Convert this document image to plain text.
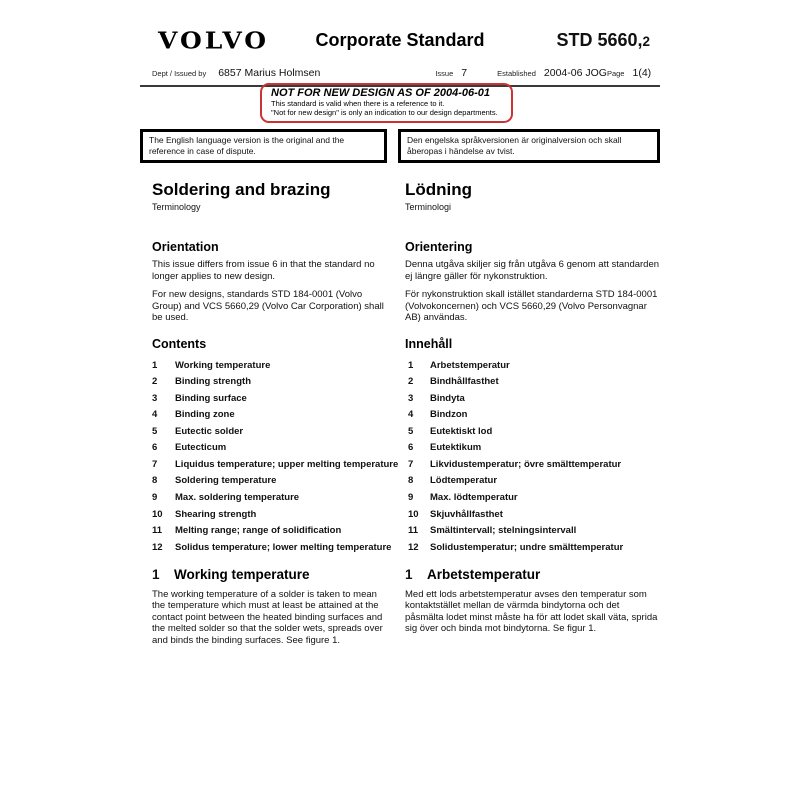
VOLVO	Corporate Standard	STD 5660,2
Dept / Issued by 6857 Marius Holmsen	Issue 7	Established 2004-06 JOG Page 1(4)
NOT FOR NEW DESIGN AS OF 2004-06-01
This standard is valid when there is a reference to it.
"Not for new design" is only an indication to our design departments.
The English language version is the original and the reference in case of dispute.
Den engelska språkversionen är originalversion och skall åberopas i händelse av tvist.
Soldering and brazing
Terminology
Lödning
Terminologi
Orientation

This issue differs from issue 6 in that the standard no longer applies to new design.

For new designs, standards STD 184-0001 (Volvo Group) and VCS 5660,29 (Volvo Car Corporation) shall be used.

Orientering

Denna utgåva skiljer sig från utgåva 6 genom att standarden ej längre gäller för nykonstruktion.

För nykonstruktion skall istället standarderna STD 184-0001 (Volvokoncernen) och VCS 5660,29 (Volvo Personvagnar AB) användas.

Contents	Innehåll
1	Working temperature	1	Arbetstemperatur
2	Binding strength	2	Bindhållfasthet
3	Binding surface	3	Bindyta
4	Binding zone	4	Bindzon
5	Eutectic solder	5	Eutektiskt lod
6	Eutecticum	6	Eutektikum
7	Liquidus temperature; upper melting temperature	7	Likvidustemperatur; övre smälttemperatur
8	Soldering temperature	8	Lödtemperatur
9	Max. soldering temperature	9	Max. lödtemperatur
10	Shearing strength	10	Skjuvhållfasthet
11	Melting range; range of solidification	11	Smältintervall; stelningsintervall
12	Solidus temperature; lower melting temperature	12	Solidustemperatur; undre smälttemperatur
1 Working temperature

The working temperature of a solder is taken to mean the temperature which must at least be attained at the contact point between the heated binding surfaces and the melted solder so that the solder wets, spreads over and binds the binding surfaces. See figure 1.

1 Arbetstemperatur

Med ett lods arbetstemperatur avses den temperatur som kontaktstället mellan de värmda bindytorna och det påsmälta lodet minst måste ha för att lodet skall väta, sprida sig över och binda mot bindytorna. Se figur 1.
